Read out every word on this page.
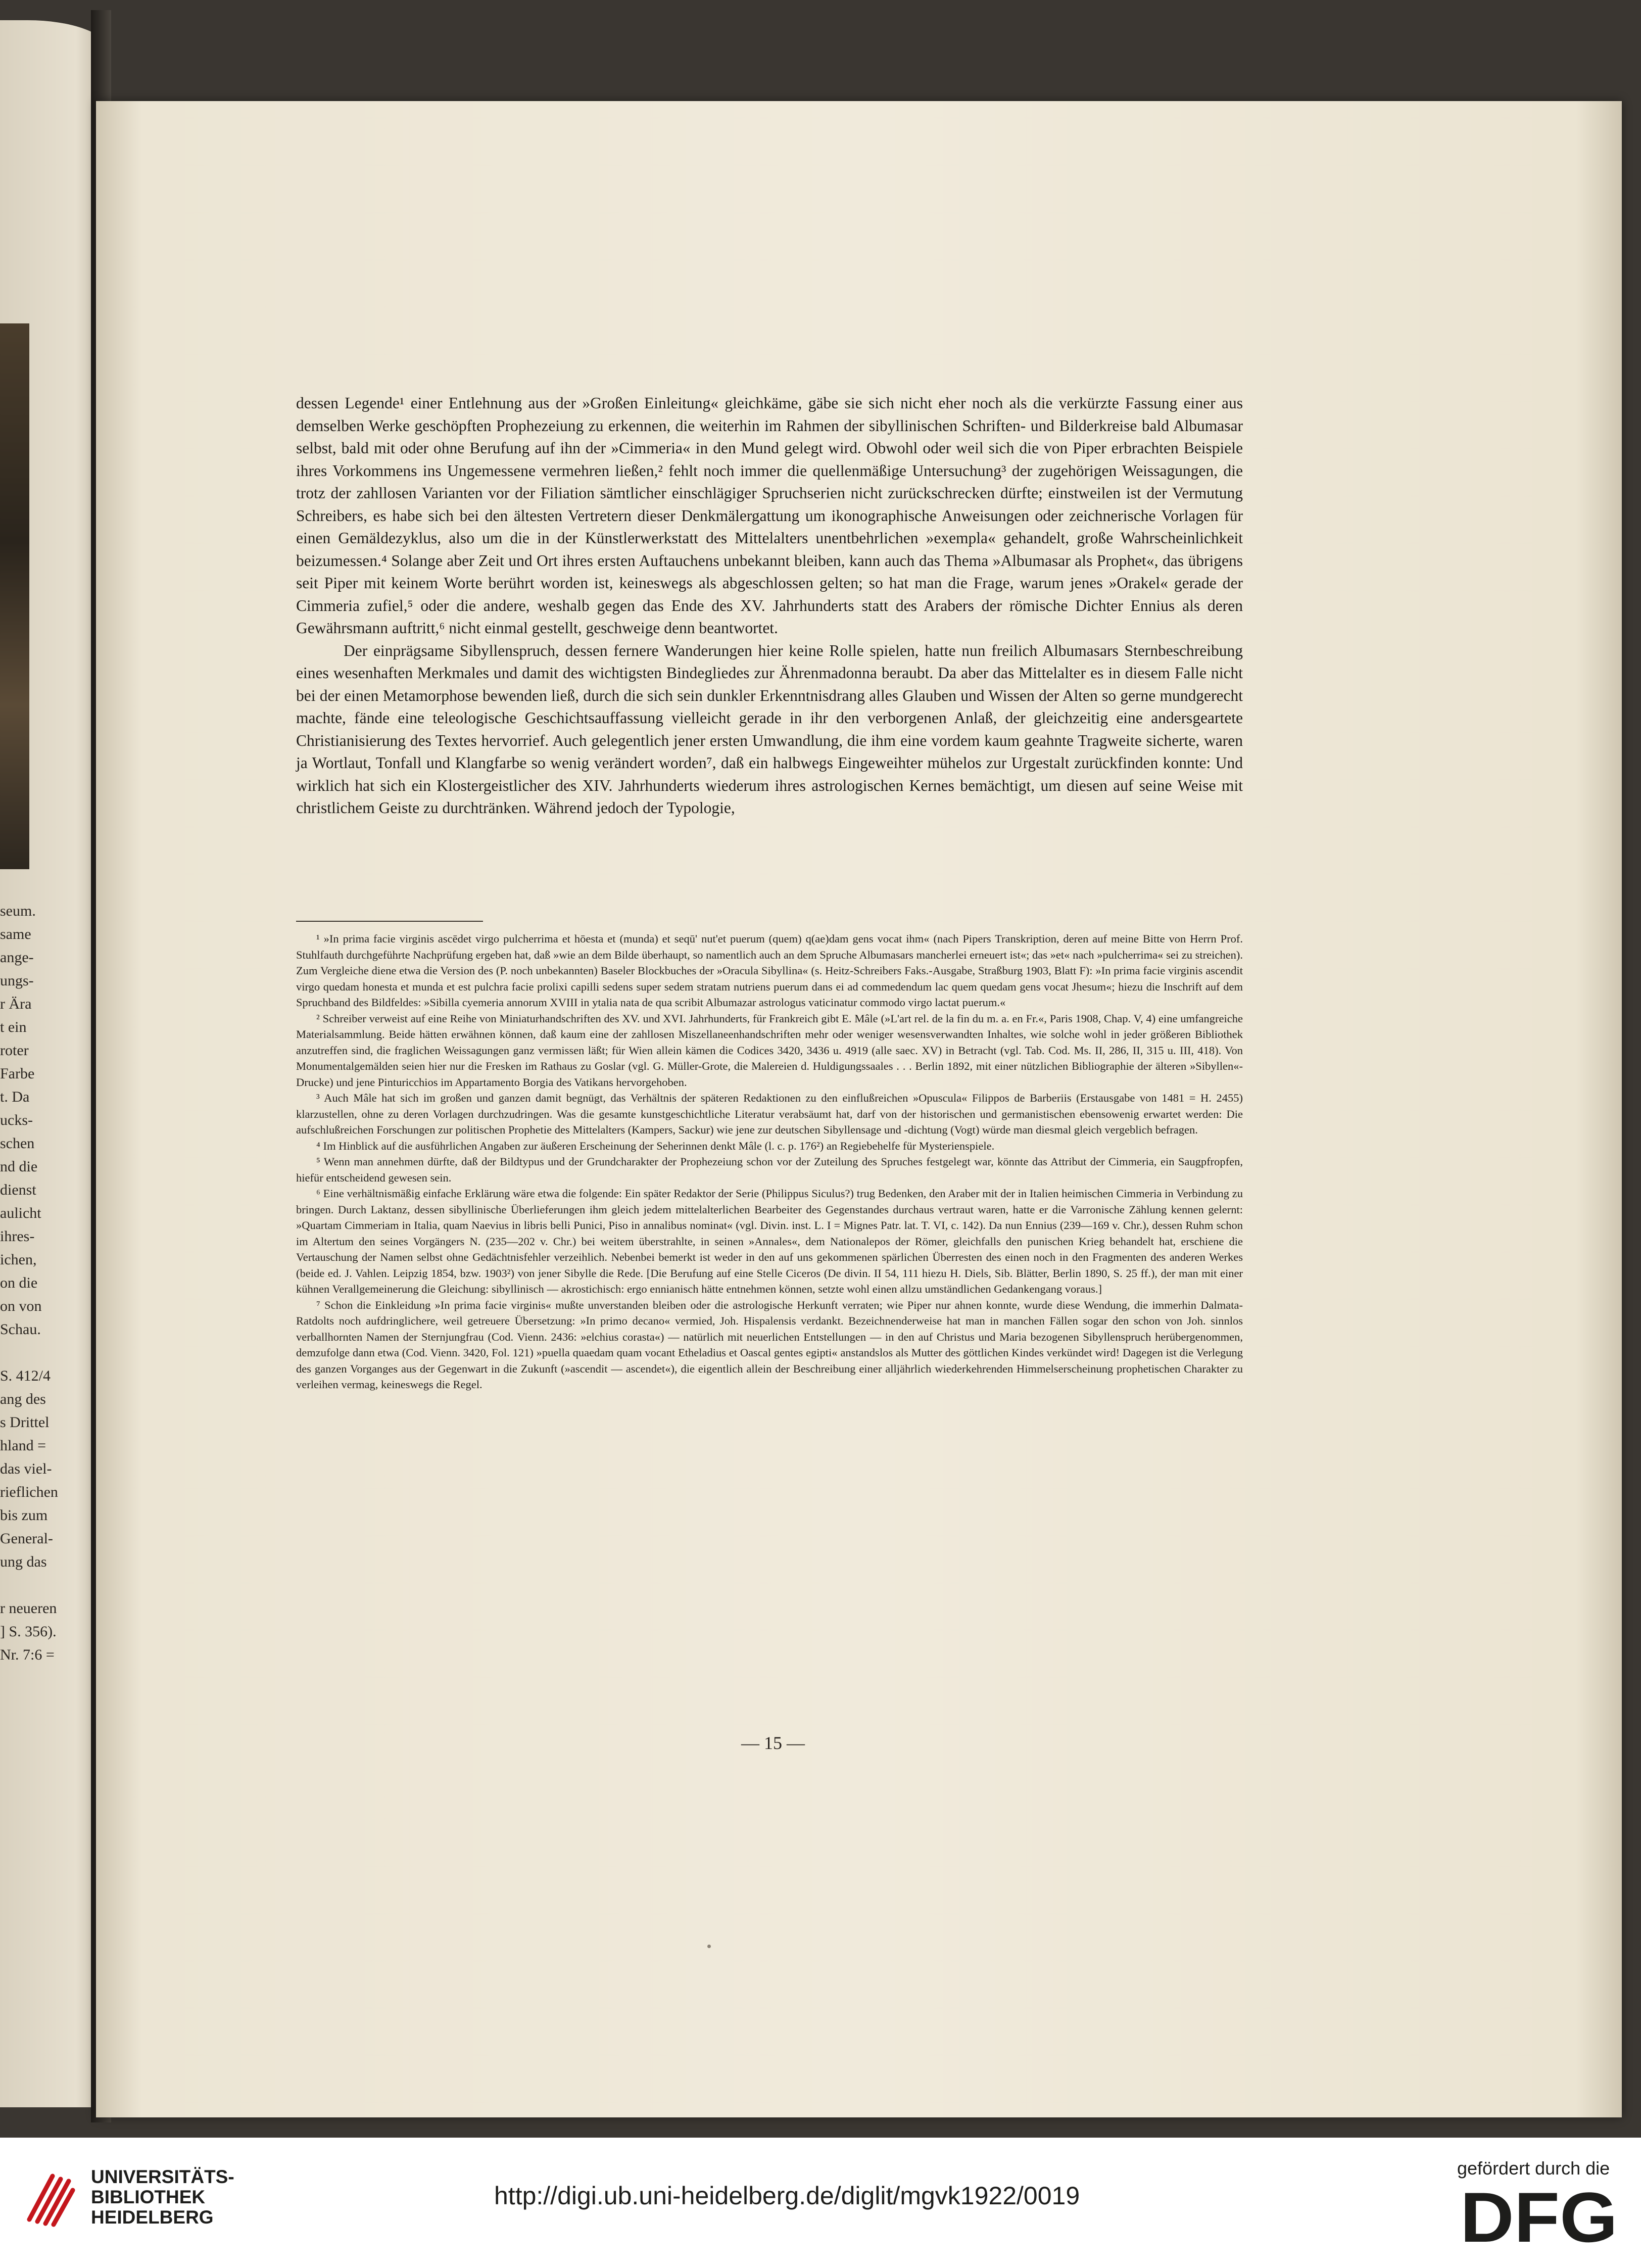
seum.
same
ange-
ungs-
r Ära
t ein
roter
Farbe
t. Da
ucks-
schen
nd die
dienst
aulicht
ihres-
ichen,
on die
on von
Schau.

S. 412/4
ang des
s Drittel
hland =
das viel-
rieflichen
bis zum
General-
ung das

r neueren
] S. 356).
Nr. 7:6 =

dessen Legende¹ einer Entlehnung aus der »Großen Einleitung« gleichkäme, gäbe sie sich nicht eher noch als die verkürzte Fassung einer aus demselben Werke geschöpften Prophezeiung zu erkennen, die weiterhin im Rahmen der sibyllinischen Schriften- und Bilderkreise bald Albumasar selbst, bald mit oder ohne Berufung auf ihn der »Cimmeria« in den Mund gelegt wird. Obwohl oder weil sich die von Piper erbrachten Beispiele ihres Vorkommens ins Ungemessene vermehren ließen,² fehlt noch immer die quellenmäßige Untersuchung³ der zugehörigen Weissagungen, die trotz der zahllosen Varianten vor der Filiation sämtlicher einschlägiger Spruchserien nicht zurückschrecken dürfte; einstweilen ist der Vermutung Schreibers, es habe sich bei den ältesten Vertretern dieser Denkmälergattung um ikonographische Anweisungen oder zeichnerische Vorlagen für einen Gemäldezyklus, also um die in der Künstlerwerkstatt des Mittelalters unentbehrlichen »exempla« gehandelt, große Wahrscheinlichkeit beizumessen.⁴ Solange aber Zeit und Ort ihres ersten Auftauchens unbekannt bleiben, kann auch das Thema »Albumasar als Prophet«, das übrigens seit Piper mit keinem Worte berührt worden ist, keineswegs als abgeschlossen gelten; so hat man die Frage, warum jenes »Orakel« gerade der Cimmeria zufiel,⁵ oder die andere, weshalb gegen das Ende des XV. Jahrhunderts statt des Arabers der römische Dichter Ennius als deren Gewährsmann auftritt,⁶ nicht einmal gestellt, geschweige denn beantwortet.

Der einprägsame Sibyllenspruch, dessen fernere Wanderungen hier keine Rolle spielen, hatte nun freilich Albumasars Sternbeschreibung eines wesenhaften Merkmales und damit des wichtigsten Bindegliedes zur Ährenmadonna beraubt. Da aber das Mittelalter es in diesem Falle nicht bei der einen Metamorphose bewenden ließ, durch die sich sein dunkler Erkenntnisdrang alles Glauben und Wissen der Alten so gerne mundgerecht machte, fände eine teleologische Geschichtsauffassung vielleicht gerade in ihr den verborgenen Anlaß, der gleichzeitig eine andersgeartete Christianisierung des Textes hervorrief. Auch gelegentlich jener ersten Umwandlung, die ihm eine vordem kaum geahnte Tragweite sicherte, waren ja Wortlaut, Tonfall und Klangfarbe so wenig verändert worden⁷, daß ein halbwegs Eingeweihter mühelos zur Urgestalt zurückfinden konnte: Und wirklich hat sich ein Klostergeistlicher des XIV. Jahrhunderts wiederum ihres astrologischen Kernes bemächtigt, um diesen auf seine Weise mit christlichem Geiste zu durchtränken. Während jedoch der Typologie,

¹ »In prima facie virginis ascēdet virgo pulcherrima et hōesta et (munda) et seqū' nut'et puerum (quem) q(ae)dam gens vocat ihm« (nach Pipers Transkription, deren auf meine Bitte von Herrn Prof. Stuhlfauth durchgeführte Nachprüfung ergeben hat, daß »wie an dem Bilde überhaupt, so namentlich auch an dem Spruche Albumasars mancherlei erneuert ist«; das »et« nach »pulcherrima« sei zu streichen). Zum Vergleiche diene etwa die Version des (P. noch unbekannten) Baseler Blockbuches der »Oracula Sibyllina« (s. Heitz-Schreibers Faks.-Ausgabe, Straßburg 1903, Blatt F): »In prima facie virginis ascendit virgo quedam honesta et munda et est pulchra facie prolixi capilli sedens super sedem stratam nutriens puerum dans ei ad commedendum lac quem quedam gens vocat Jhesum«; hiezu die Inschrift auf dem Spruchband des Bildfeldes: »Sibilla cyemeria annorum XVIII in ytalia nata de qua scribit Albumazar astrologus vaticinatur commodo virgo lactat puerum.«

² Schreiber verweist auf eine Reihe von Miniaturhandschriften des XV. und XVI. Jahrhunderts, für Frankreich gibt E. Mâle (»L'art rel. de la fin du m. a. en Fr.«, Paris 1908, Chap. V, 4) eine umfangreiche Materialsammlung. Beide hätten erwähnen können, daß kaum eine der zahllosen Miszellaneenhandschriften mehr oder weniger wesensverwandten Inhaltes, wie solche wohl in jeder größeren Bibliothek anzutreffen sind, die fraglichen Weissagungen ganz vermissen läßt; für Wien allein kämen die Codices 3420, 3436 u. 4919 (alle saec. XV) in Betracht (vgl. Tab. Cod. Ms. II, 286, II, 315 u. III, 418). Von Monumentalgemälden seien hier nur die Fresken im Rathaus zu Goslar (vgl. G. Müller-Grote, die Malereien d. Huldigungssaales . . . Berlin 1892, mit einer nützlichen Bibliographie der älteren »Sibyllen«-Drucke) und jene Pinturicchios im Appartamento Borgia des Vatikans hervorgehoben.

³ Auch Mâle hat sich im großen und ganzen damit begnügt, das Verhältnis der späteren Redaktionen zu den einflußreichen »Opuscula« Filippos de Barberiis (Erstausgabe von 1481 = H. 2455) klarzustellen, ohne zu deren Vorlagen durchzudringen. Was die gesamte kunstgeschichtliche Literatur verabsäumt hat, darf von der historischen und germanistischen ebensowenig erwartet werden: Die aufschlußreichen Forschungen zur politischen Prophetie des Mittelalters (Kampers, Sackur) wie jene zur deutschen Sibyllensage und -dichtung (Vogt) würde man diesmal gleich vergeblich befragen.

⁴ Im Hinblick auf die ausführlichen Angaben zur äußeren Erscheinung der Seherinnen denkt Mâle (l. c. p. 176²) an Regiebehelfe für Mysterienspiele.

⁵ Wenn man annehmen dürfte, daß der Bildtypus und der Grundcharakter der Prophezeiung schon vor der Zuteilung des Spruches festgelegt war, könnte das Attribut der Cimmeria, ein Saugpfropfen, hiefür entscheidend gewesen sein.

⁶ Eine verhältnismäßig einfache Erklärung wäre etwa die folgende: Ein später Redaktor der Serie (Philippus Siculus?) trug Bedenken, den Araber mit der in Italien heimischen Cimmeria in Verbindung zu bringen. Durch Laktanz, dessen sibyllinische Überlieferungen ihm gleich jedem mittelalterlichen Bearbeiter des Gegenstandes durchaus vertraut waren, hatte er die Varronische Zählung kennen gelernt: »Quartam Cimmeriam in Italia, quam Naevius in libris belli Punici, Piso in annalibus nominat« (vgl. Divin. inst. L. I = Mignes Patr. lat. T. VI, c. 142). Da nun Ennius (239—169 v. Chr.), dessen Ruhm schon im Altertum den seines Vorgängers N. (235—202 v. Chr.) bei weitem überstrahlte, in seinen »Annales«, dem Nationalepos der Römer, gleichfalls den punischen Krieg behandelt hat, erschiene die Vertauschung der Namen selbst ohne Gedächtnisfehler verzeihlich. Nebenbei bemerkt ist weder in den auf uns gekommenen spärlichen Überresten des einen noch in den Fragmenten des anderen Werkes (beide ed. J. Vahlen. Leipzig 1854, bzw. 1903²) von jener Sibylle die Rede. [Die Berufung auf eine Stelle Ciceros (De divin. II 54, 111 hiezu H. Diels, Sib. Blätter, Berlin 1890, S. 25 ff.), der man mit einer kühnen Verallgemeinerung die Gleichung: sibyllinisch — akrostichisch: ergo ennianisch hätte entnehmen können, setzte wohl einen allzu umständlichen Gedankengang voraus.]

⁷ Schon die Einkleidung »In prima facie virginis« mußte unverstanden bleiben oder die astrologische Herkunft verraten; wie Piper nur ahnen konnte, wurde diese Wendung, die immerhin Dalmata-Ratdolts noch aufdringlichere, weil getreuere Übersetzung: »In primo decano« vermied, Joh. Hispalensis verdankt. Bezeichnenderweise hat man in manchen Fällen sogar den schon von Joh. sinnlos verballhornten Namen der Sternjungfrau (Cod. Vienn. 2436: »elchius corasta«) — natürlich mit neuerlichen Entstellungen — in den auf Christus und Maria bezogenen Sibyllenspruch herübergenommen, demzufolge dann etwa (Cod. Vienn. 3420, Fol. 121) »puella quaedam quam vocant Etheladius et Oascal gentes egipti« anstandslos als Mutter des göttlichen Kindes verkündet wird! Dagegen ist die Verlegung des ganzen Vorganges aus der Gegenwart in die Zukunft (»ascendit — ascendet«), die eigentlich allein der Beschreibung einer alljährlich wiederkehrenden Himmelserscheinung prophetischen Charakter zu verleihen vermag, keineswegs die Regel.

— 15 —
UNIVERSITÄTS-
BIBLIOTHEK
HEIDELBERG
http://digi.ub.uni-heidelberg.de/diglit/mgvk1922/0019
gefördert durch die
DFG
